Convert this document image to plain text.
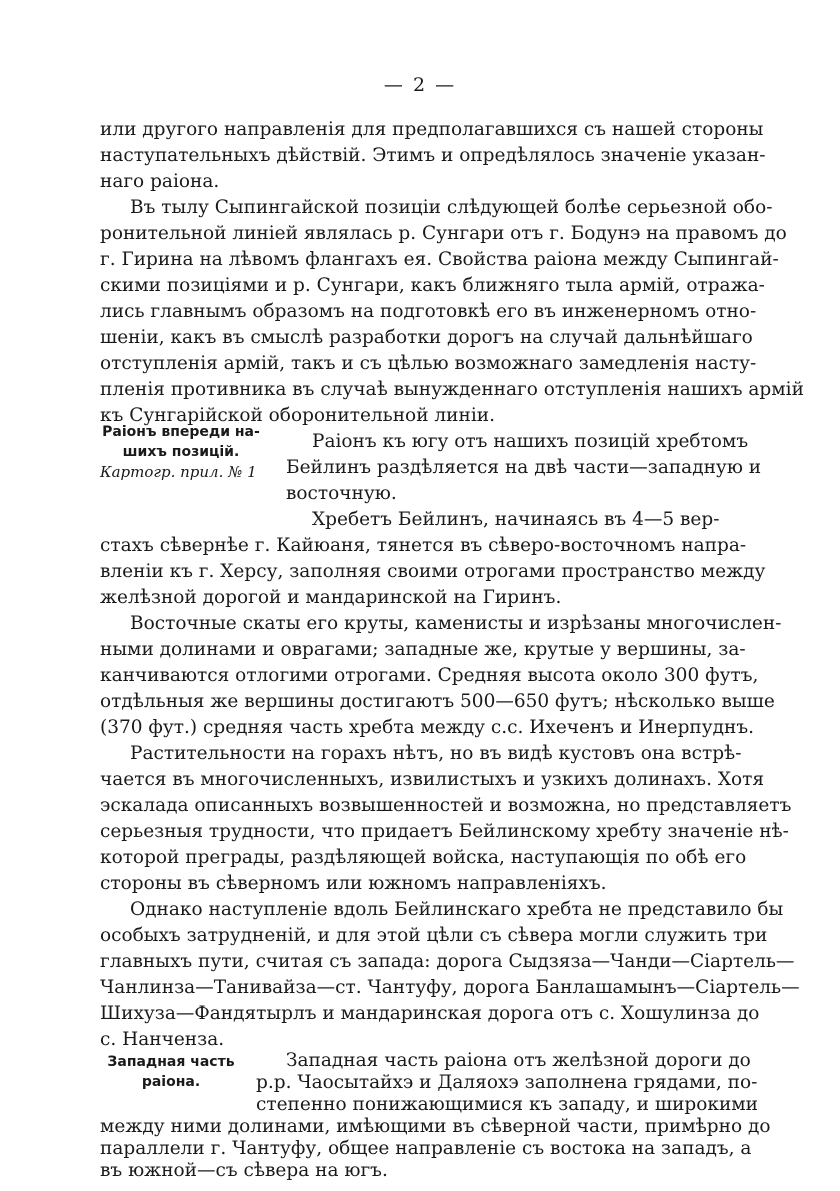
— 2 —
или другого направленія для предполагавшихся съ нашей стороны
наступательныхъ дѣйствій. Этимъ и опредѣлялось значеніе указан-
наго раіона.
Въ тылу Сыпингайской позиціи слѣдующей болѣе серьезной обо-
ронительной линіей являлась р. Сунгари отъ г. Бодунэ на правомъ до
г. Гирина на лѣвомъ флангахъ ея. Свойства раіона между Сыпингай-
скими позиціями и р. Сунгари, какъ ближняго тыла армій, отража-
лись главнымъ образомъ на подготовкѣ его въ инженерномъ отно-
шеніи, какъ въ смыслѣ разработки дорогъ на случай дальнѣйшаго
отступленія армій, такъ и съ цѣлью возможнаго замедленія насту-
пленія противника въ случаѣ вынужденнаго отступленія нашихъ армій
къ Сунгарійской оборонительной линіи.
Раіонъ впереди на-
шихъ позицій.
Картогр. прил. № 1
Раіонъ къ югу отъ нашихъ позицій хребтомъ
Бейлинъ раздѣляется на двѣ части—западную и
восточную.
Хребетъ Бейлинъ, начинаясь въ 4—5 вер-
стахъ сѣвернѣе г. Кайюаня, тянется въ сѣверо-восточномъ напра-
вленіи къ г. Херсу, заполняя своими отрогами пространство между
желѣзной дорогой и мандаринской на Гиринъ.
Восточные скаты его круты, каменисты и изрѣзаны многочислен-
ными долинами и оврагами; западные же, крутые у вершины, за-
канчиваются отлогими отрогами. Средняя высота около 300 футъ,
отдѣльныя же вершины достигаютъ 500—650 футъ; нѣсколько выше
(370 фут.) средняя часть хребта между с.с. Ихеченъ и Инерпуднъ.
Растительности на горахъ нѣтъ, но въ видѣ кустовъ она встрѣ-
чается въ многочисленныхъ, извилистыхъ и узкихъ долинахъ. Хотя
эскалада описанныхъ возвышенностей и возможна, но представляетъ
серьезныя трудности, что придаетъ Бейлинскому хребту значеніе нѣ-
которой преграды, раздѣляющей войска, наступающія по обѣ его
стороны въ сѣверномъ или южномъ направленіяхъ.
Однако наступленіе вдоль Бейлинскаго хребта не представило бы
особыхъ затрудненій, и для этой цѣли съ сѣвера могли служить три
главныхъ пути, считая съ запада: дорога Сыдзяза—Чанди—Сіартель—
Чанлинза—Танивайза—ст. Чантуфу, дорога Банлашамынъ—Сіартель—
Шихуза—Фандятырлъ и мандаринская дорога отъ с. Хошулинза до
с. Нанченза.
Западная часть
раіона.
Западная часть раіона отъ желѣзной дороги до
р.р. Чаосытайхэ и Даляохэ заполнена грядами, по-
степенно понижающимися къ западу, и широкими
между ними долинами, имѣющими въ сѣверной части, примѣрно до
параллели г. Чантуфу, общее направленіе съ востока на западъ, а
въ южной—съ сѣвера на югъ.
